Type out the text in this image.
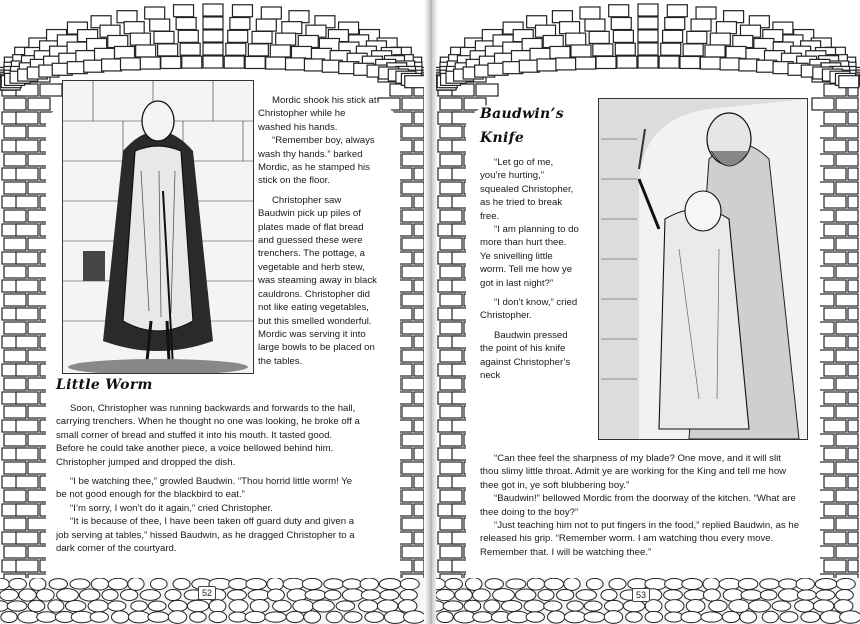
Mordic shook his stick at

Christopher while he

washed his hands.

“Remember boy, always

wash thy hands.” barked

Mordic, as he stamped his

stick on the floor.

Christopher saw

Baudwin pick up piles of

plates made of flat bread

and guessed these were

trenchers. The pottage, a

vegetable and herb stew,

was steaming away in black

cauldrons. Christopher did

not like eating vegetables,

but this smelled wonderful.

Mordic was serving it into

large bowls to be placed on

the tables.

Little Worm

Soon, Christopher was running backwards and forwards to the hall,

carrying trenchers. When he thought no one was looking, he broke off a

small corner of bread and stuffed it into his mouth. It tasted good.

Before he could take another piece, a voice bellowed behind him.

Christopher jumped and dropped the dish.

“I be watching thee,” growled Baudwin. “Thou horrid little worm! Ye

be not good enough for the blackbird to eat.”

“I’m sorry, I won’t do it again,” cried Christopher.

“It is because of thee, I have been taken off guard duty and given a

job serving at tables,” hissed Baudwin, as he dragged Christopher to a

dark corner of the courtyard.

52
Baudwin’s
Knife

“Let go of me,

you’re hurting,”

squealed Christopher,

as he tried to break

free.

“I am planning to do

more than hurt thee.

Ye snivelling little

worm. Tell me how ye

got in last night?”

“I don’t know,” cried

Christopher.

Baudwin pressed

the point of his knife

against Christopher’s

neck

“Can thee feel the sharpness of my blade? One move, and it will slit

thou slimy little throat. Admit ye are working for the King and tell me how

thee got in, ye soft blubbering boy.”

“Baudwin!” bellowed Mordic from the doorway of the kitchen. “What are

thee doing to the boy?”

“Just teaching him not to put fingers in the food,” replied Baudwin, as he

released his grip. “Remember worm. I am watching thou every move.

Remember that. I will be watching thee.”

53
